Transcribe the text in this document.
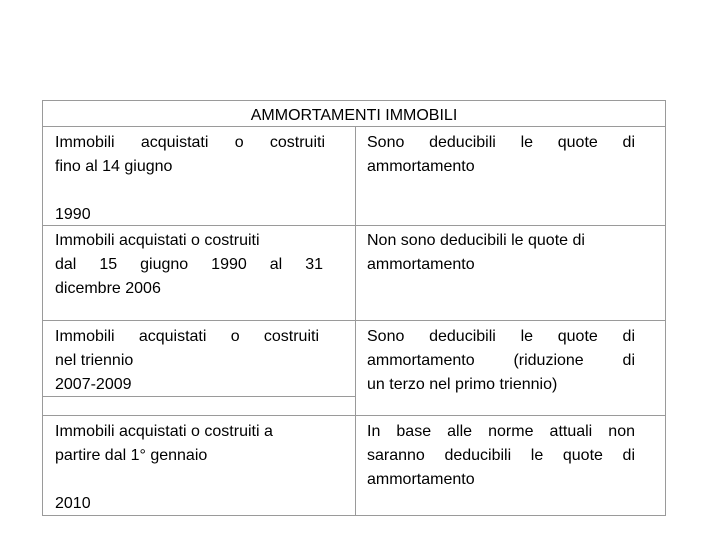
AMMORTAMENTI IMMOBILI
Immobili acquistati o costruiti
fino al 14 giugno

1990
Sono deducibili le quote di
ammortamento
Immobili acquistati o costruiti
dal 15 giugno 1990 al 31
dicembre 2006
Non sono deducibili le quote di
ammortamento
Immobili acquistati o costruiti
nel triennio
2007-2009
Sono deducibili le quote di
ammortamento (riduzione di
un terzo nel primo triennio)
Immobili acquistati o costruiti a
partire dal 1° gennaio

2010
In base alle norme attuali non
saranno deducibili le quote di
ammortamento
